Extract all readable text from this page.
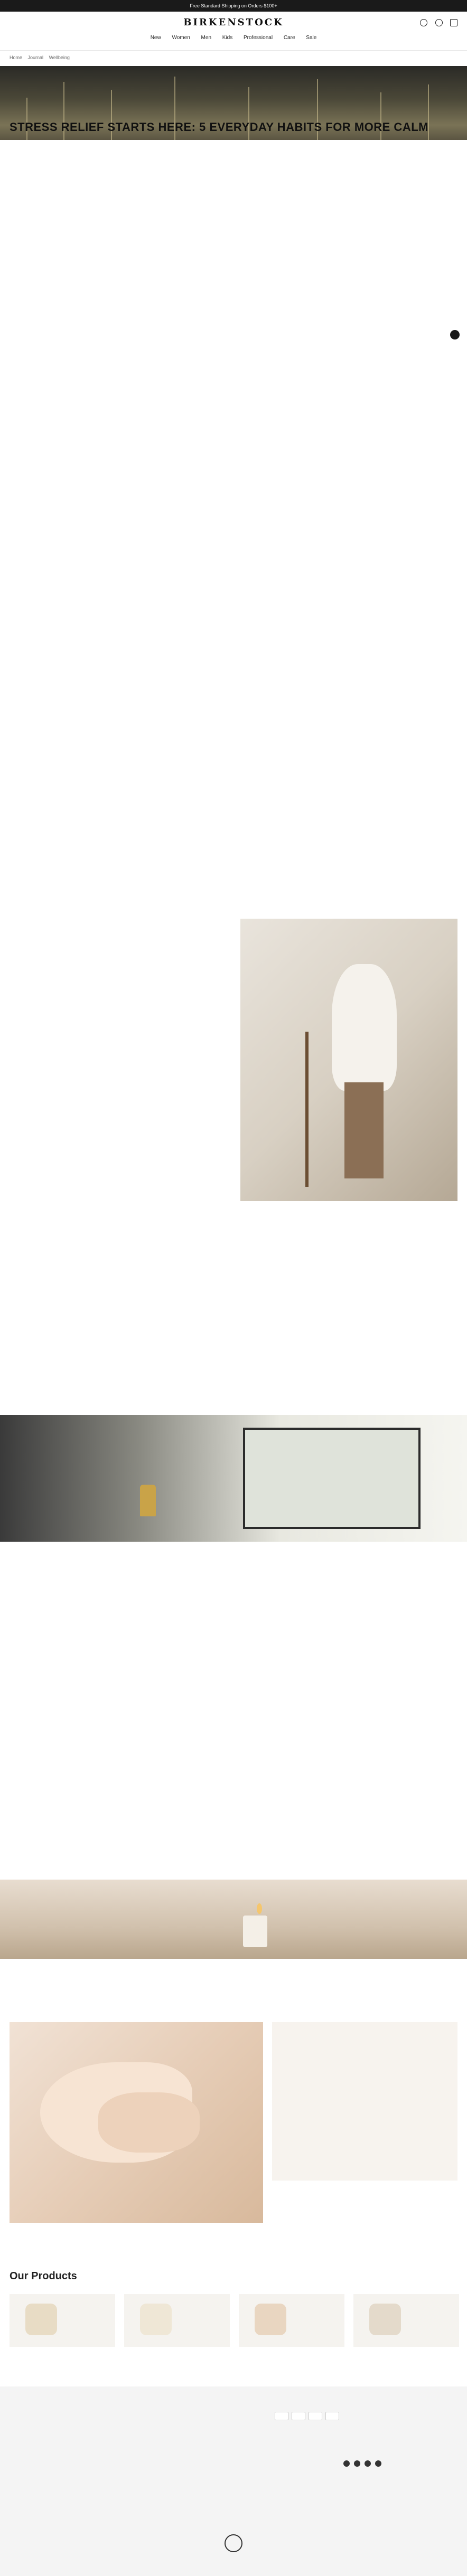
Free Standard Shipping on Orders $100+
BIRKENSTOCK

New Women Men Kids Professional Care Sale
Home Journal Wellbeing
STRESS RELIEF STARTS HERE: 5 EVERYDAY HABITS FOR MORE CALM
Our Products
